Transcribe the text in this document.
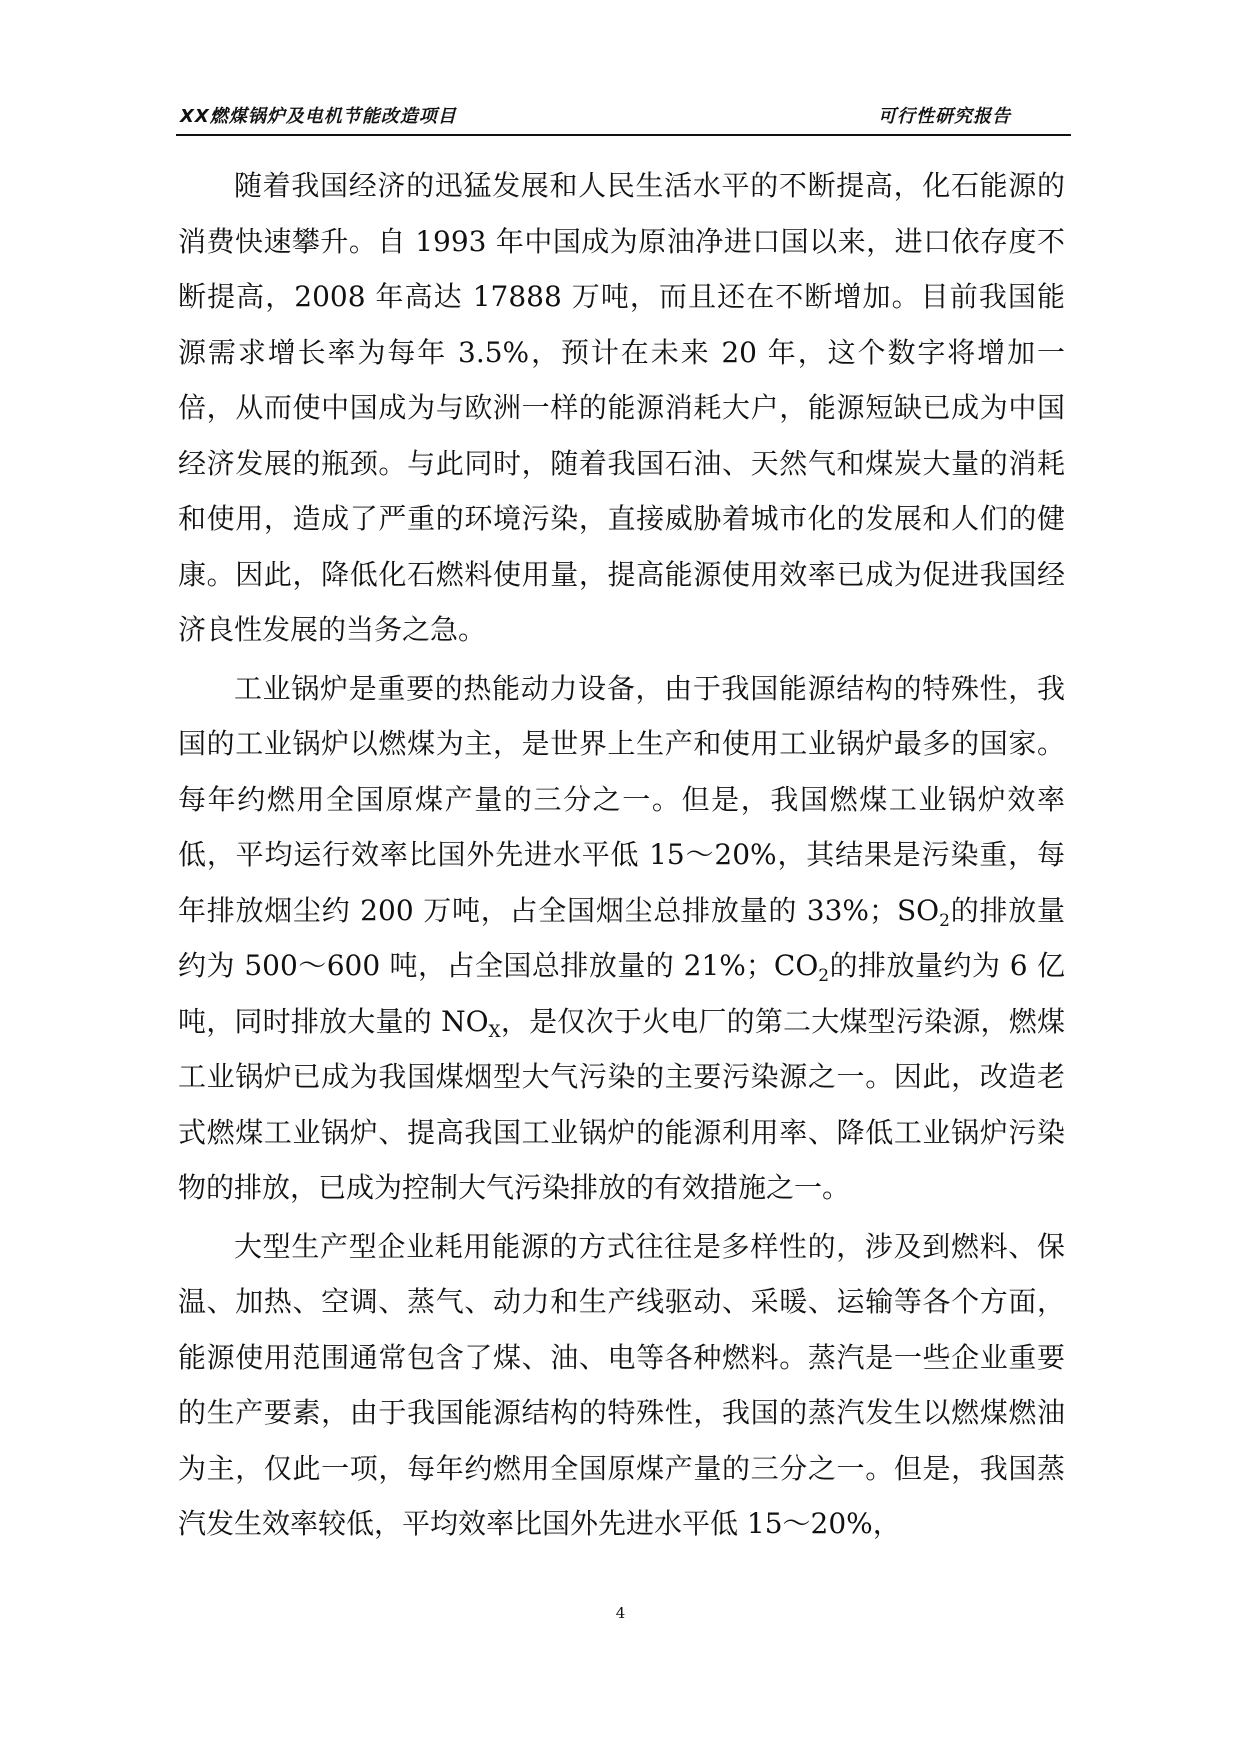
XX燃煤锅炉及电机节能改造项目	可行性研究报告

随着我国经济的迅猛发展和人民生活水平的不断提高，化石能源的消费快速攀升。自 1993 年中国成为原油净进口国以来，进口依存度不断提高，2008 年高达 17888 万吨，而且还在不断增加。目前我国能源需求增长率为每年 3.5%，预计在未来 20 年，这个数字将增加一倍，从而使中国成为与欧洲一样的能源消耗大户，能源短缺已成为中国经济发展的瓶颈。与此同时，随着我国石油、天然气和煤炭大量的消耗和使用，造成了严重的环境污染，直接威胁着城市化的发展和人们的健康。因此，降低化石燃料使用量，提高能源使用效率已成为促进我国经济良性发展的当务之急。

工业锅炉是重要的热能动力设备，由于我国能源结构的特殊性，我国的工业锅炉以燃煤为主，是世界上生产和使用工业锅炉最多的国家。每年约燃用全国原煤产量的三分之一。但是，我国燃煤工业锅炉效率低，平均运行效率比国外先进水平低 15～20%，其结果是污染重，每年排放烟尘约 200 万吨，占全国烟尘总排放量的 33%；$SO_2$的排放量约为 500～600 吨，占全国总排放量的 21%；$CO_2$的排放量约为 6 亿吨，同时排放大量的 $NO_X$，是仅次于火电厂的第二大煤型污染源，燃煤工业锅炉已成为我国煤烟型大气污染的主要污染源之一。因此，改造老式燃煤工业锅炉、提高我国工业锅炉的能源利用率、降低工业锅炉污染物的排放，已成为控制大气污染排放的有效措施之一。

大型生产型企业耗用能源的方式往往是多样性的，涉及到燃料、保温、加热、空调、蒸气、动力和生产线驱动、采暖、运输等各个方面，能源使用范围通常包含了煤、油、电等各种燃料。蒸汽是一些企业重要的生产要素，由于我国能源结构的特殊性，我国的蒸汽发生以燃煤燃油为主，仅此一项，每年约燃用全国原煤产量的三分之一。但是，我国蒸汽发生效率较低，平均效率比国外先进水平低 15～20%，

4
